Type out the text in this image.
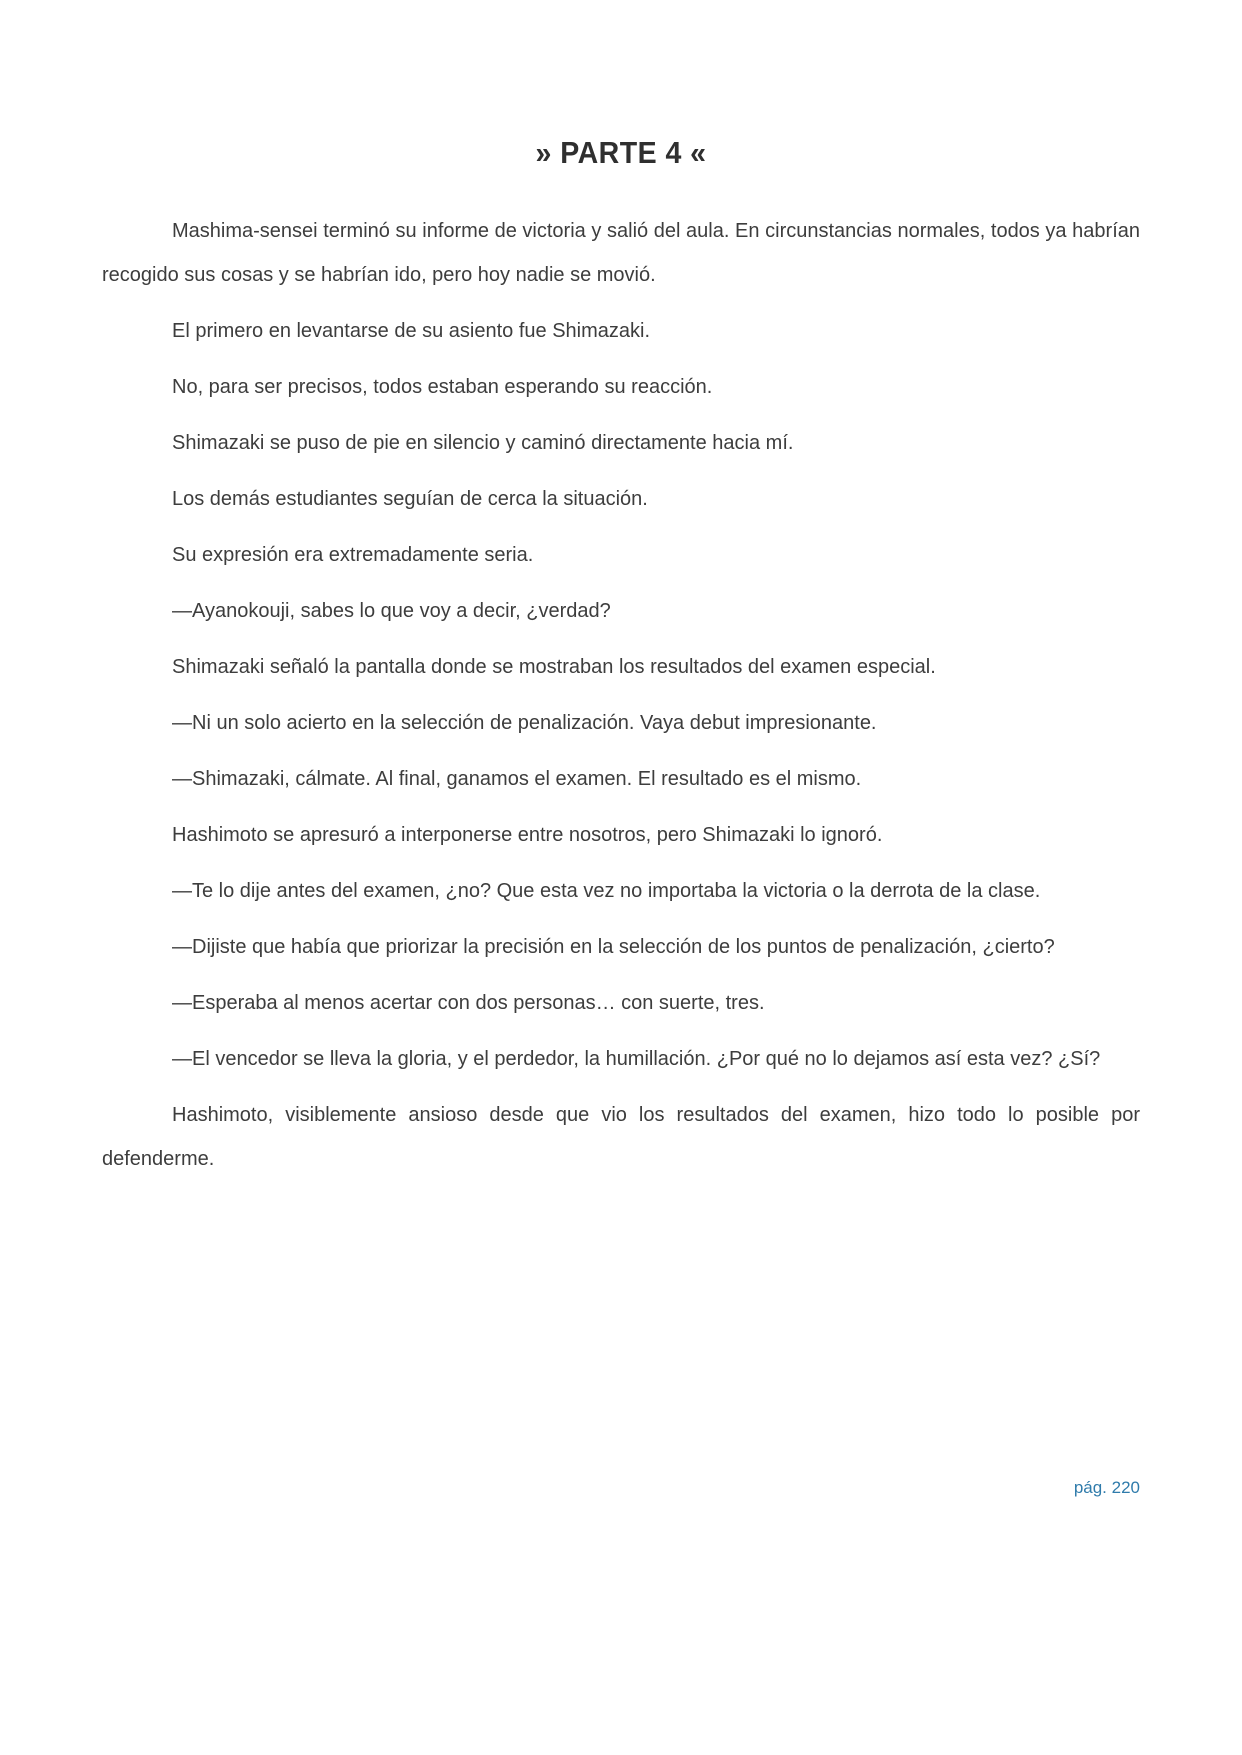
» PARTE 4 «

Mashima-sensei terminó su informe de victoria y salió del aula. En circunstancias normales, todos ya habrían recogido sus cosas y se habrían ido, pero hoy nadie se movió.

El primero en levantarse de su asiento fue Shimazaki.

No, para ser precisos, todos estaban esperando su reacción.

Shimazaki se puso de pie en silencio y caminó directamente hacia mí.

Los demás estudiantes seguían de cerca la situación.

Su expresión era extremadamente seria.

—Ayanokouji, sabes lo que voy a decir, ¿verdad?

Shimazaki señaló la pantalla donde se mostraban los resultados del examen especial.

—Ni un solo acierto en la selección de penalización. Vaya debut impresionante.

—Shimazaki, cálmate. Al final, ganamos el examen. El resultado es el mismo.

Hashimoto se apresuró a interponerse entre nosotros, pero Shimazaki lo ignoró.

—Te lo dije antes del examen, ¿no? Que esta vez no importaba la victoria o la derrota de la clase.

—Dijiste que había que priorizar la precisión en la selección de los puntos de penalización, ¿cierto?

—Esperaba al menos acertar con dos personas… con suerte, tres.

—El vencedor se lleva la gloria, y el perdedor, la humillación. ¿Por qué no lo dejamos así esta vez? ¿Sí?

Hashimoto, visiblemente ansioso desde que vio los resultados del examen, hizo todo lo posible por defenderme.

pág. 220
